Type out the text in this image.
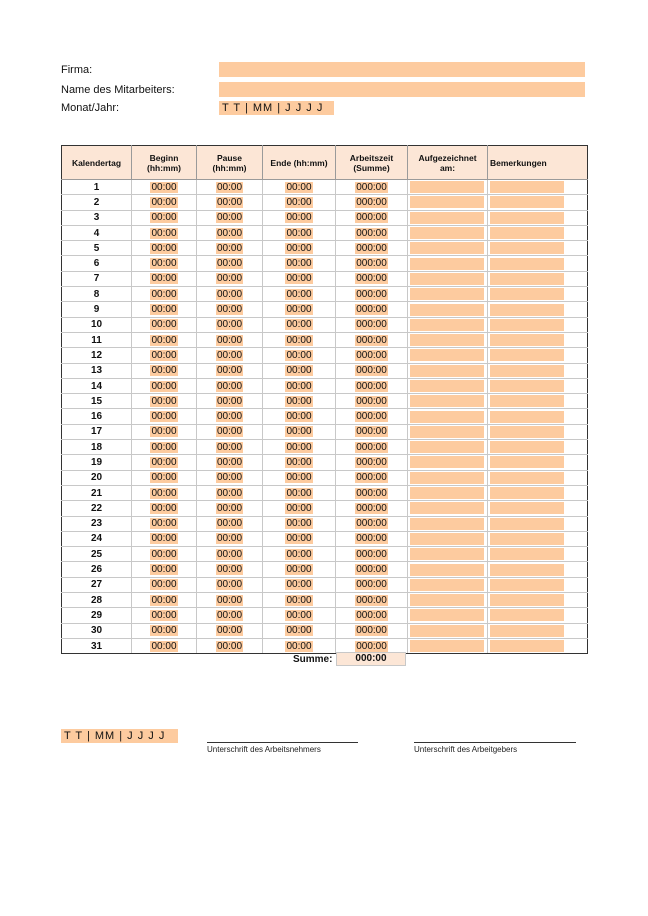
Firma:
Name des Mitarbeiters:
Monat/Jahr:	T T | MM | J J J J
Kalendertag	Beginn (hh:mm)	Pause (hh:mm)	Ende (hh:mm)	Arbeitszeit (Summe)	Aufgezeichnet am:	Bemerkungen
1	00:00	00:00	00:00	000:00	

2	00:00	00:00	00:00	000:00	

3	00:00	00:00	00:00	000:00	

4	00:00	00:00	00:00	000:00	

5	00:00	00:00	00:00	000:00	

6	00:00	00:00	00:00	000:00	

7	00:00	00:00	00:00	000:00	

8	00:00	00:00	00:00	000:00	

9	00:00	00:00	00:00	000:00	

10	00:00	00:00	00:00	000:00	

11	00:00	00:00	00:00	000:00	

12	00:00	00:00	00:00	000:00	

13	00:00	00:00	00:00	000:00	

14	00:00	00:00	00:00	000:00	

15	00:00	00:00	00:00	000:00	

16	00:00	00:00	00:00	000:00	

17	00:00	00:00	00:00	000:00	

18	00:00	00:00	00:00	000:00	

19	00:00	00:00	00:00	000:00	

20	00:00	00:00	00:00	000:00	

21	00:00	00:00	00:00	000:00	

22	00:00	00:00	00:00	000:00	

23	00:00	00:00	00:00	000:00	

24	00:00	00:00	00:00	000:00	

25	00:00	00:00	00:00	000:00	

26	00:00	00:00	00:00	000:00	

27	00:00	00:00	00:00	000:00	

28	00:00	00:00	00:00	000:00	

29	00:00	00:00	00:00	000:00	

30	00:00	00:00	00:00	000:00	

31	00:00	00:00	00:00	000:00	

Summe:	000:00
T T | MM | J J J J
Unterschrift des Arbeitsnehmers	Unterschrift des Arbeitgebers
